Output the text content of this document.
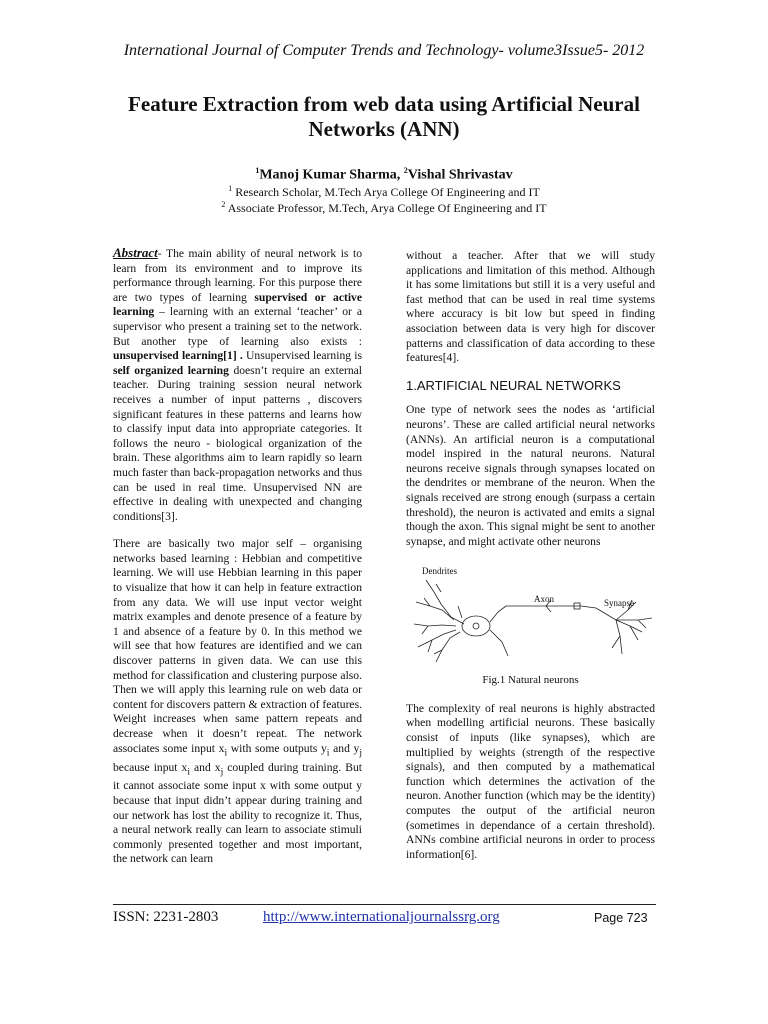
International Journal of Computer Trends and Technology- volume3Issue5- 2012
Feature Extraction from web data using Artificial Neural Networks (ANN)
$^1$Manoj Kumar Sharma, $^2$Vishal Shrivastav
$^1$ Research Scholar, M.Tech Arya College Of Engineering and IT
$^2$ Associate Professor, M.Tech, Arya College Of Engineering and IT

Abstract- The main ability of neural network is to learn from its environment and to improve its performance through learning. For this purpose there are two types of learning supervised or active learning – learning with an external ‘teacher’ or a supervisor who present a training set to the network. But another type of learning also exists : unsupervised learning[1] . Unsupervised learning is self organized learning doesn’t require an external teacher. During training session neural network receives a number of input patterns , discovers significant features in these patterns and learns how to classify input data into appropriate categories. It follows the neuro - biological organization of the brain. These algorithms aim to learn rapidly so learn much faster than back-propagation networks and thus can be used in real time. Unsupervised NN are effective in dealing with unexpected and changing conditions[3].

There are basically two major self – organising networks based learning : Hebbian and competitive learning. We will use Hebbian learning in this paper to visualize that how it can help in feature extraction from any data. We will use input vector weight matrix examples and denote presence of a feature by 1 and absence of a feature by 0. In this method we will see that how features are identified and we can discover patterns in given data. We can use this method for classification and clustering purpose also. Then we will apply this learning rule on web data or content for discovers pattern & extraction of features. Weight increases when same pattern repeats and decrease when it doesn’t repeat. The network associates some input $x_i$ with some outputs $y_i$ and $y_j$ because input $x_i$ and $x_j$ coupled during training. But it cannot associate some input x with some output y because that input didn’t appear during training and our network has lost the ability to recognize it. Thus, a neural network really can learn to associate stimuli commonly presented together and most important, the network can learn

without a teacher. After that we will study applications and limitation of this method. Although it has some limitations but still it is a very useful and fast method that can be used in real time systems where accuracy is bit low but speed in finding association between data is very high for discover patterns and classification of data according to these features[4].

1.ARTIFICIAL NEURAL NETWORKS

One type of network sees the nodes as ‘artificial neurons’. These are called artificial neural networks (ANNs). An artificial neuron is a computational model inspired in the natural neurons. Natural neurons receive signals through synapses located on the dendrites or membrane of the neuron. When the signals received are strong enough (surpass a certain threshold), the neuron is activated and emits a signal though the axon. This signal might be sent to another synapse, and might activate other neurons

Dendrites
Axon	Synapse
Fig.1 Natural neurons

The complexity of real neurons is highly abstracted when modelling artificial neurons. These basically consist of inputs (like synapses), which are multiplied by weights (strength of the respective signals), and then computed by a mathematical function which determines the activation of the neuron. Another function (which may be the identity) computes the output of the artificial neuron (sometimes in dependance of a certain threshold). ANNs combine artificial neurons in order to process information[6].

ISSN: 2231-2803	http://www.internationaljournalssrg.org	Page 723
